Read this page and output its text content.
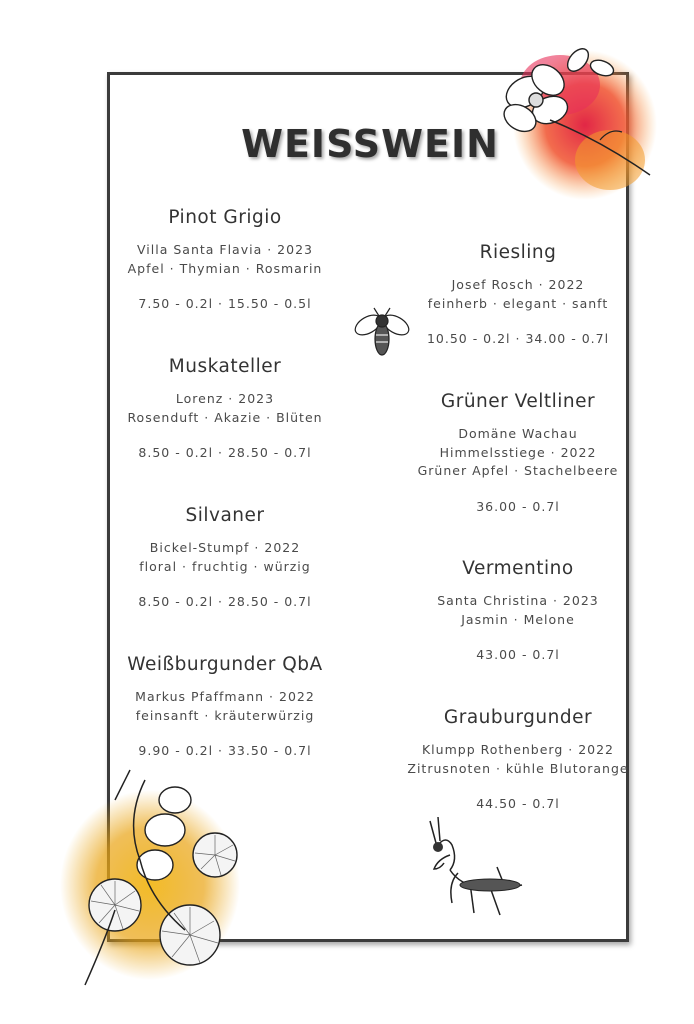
WEISSWEIN
Pinot Grigio
Villa Santa Flavia · 2023
Apfel · Thymian · Rosmarin
7.50 - 0.2l · 15.50 - 0.5l
Muskateller
Lorenz · 2023
Rosenduft · Akazie · Blüten
8.50 - 0.2l · 28.50 - 0.7l
Silvaner
Bickel-Stumpf · 2022
floral · fruchtig · würzig
8.50 - 0.2l · 28.50 - 0.7l
Weißburgunder QbA
Markus Pfaffmann · 2022
feinsanft · kräuterwürzig
9.90 - 0.2l · 33.50 - 0.7l
Riesling
Josef Rosch · 2022
feinherb · elegant · sanft
10.50 - 0.2l · 34.00 - 0.7l
Grüner Veltliner
Domäne Wachau
Himmelsstiege · 2022
Grüner Apfel · Stachelbeere
36.00 - 0.7l
Vermentino
Santa Christina · 2023
Jasmin · Melone
43.00 - 0.7l
Grauburgunder
Klumpp Rothenberg · 2022
Zitrusnoten · kühle Blutorange
44.50 - 0.7l
